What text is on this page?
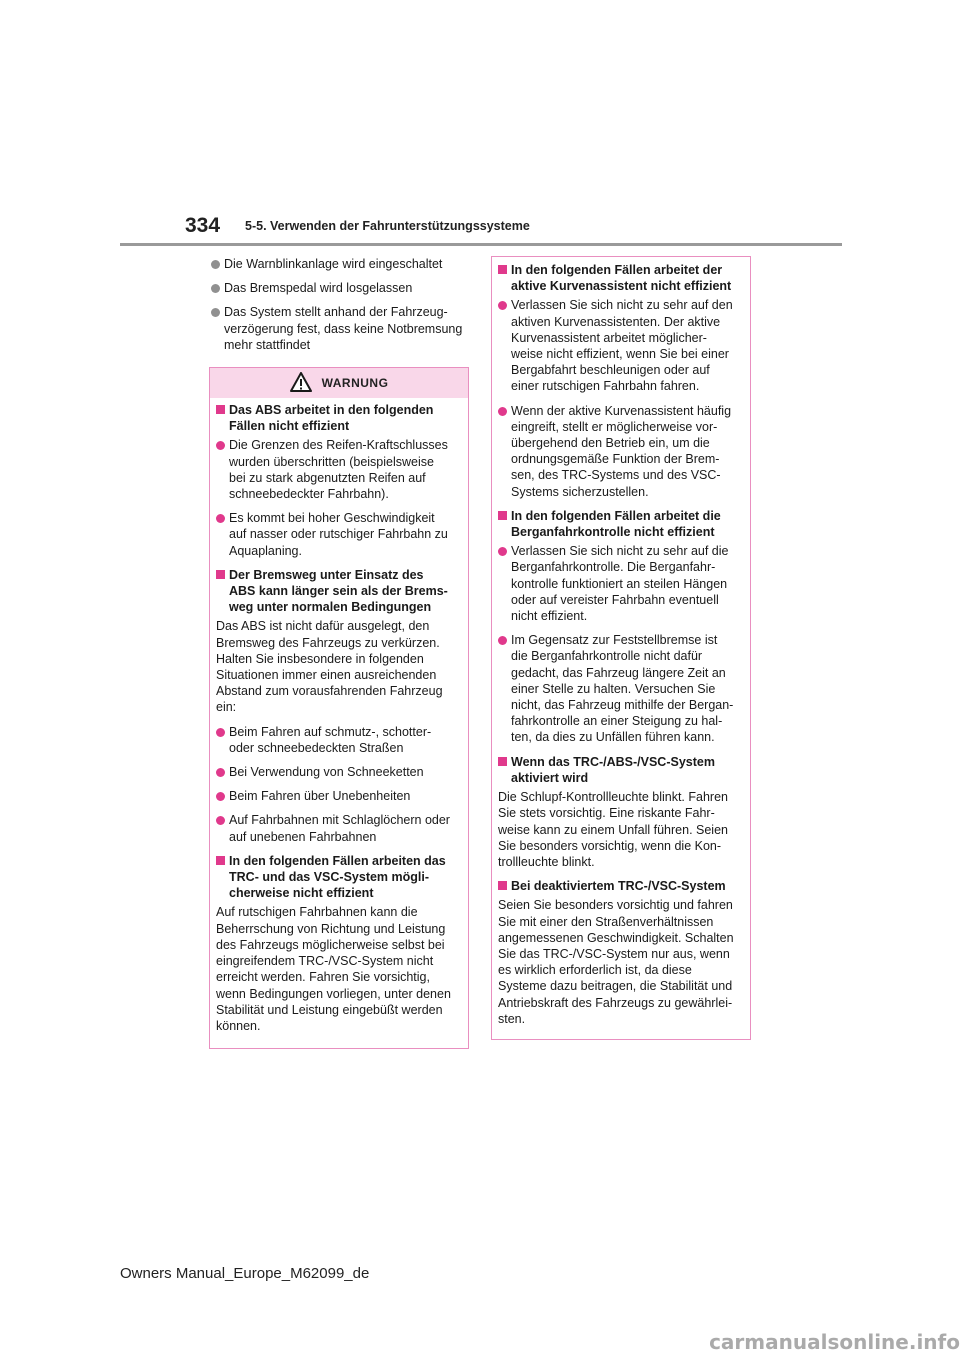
334 5-5. Verwenden der Fahrunterstützungssysteme
Die Warnblinkanlage wird eingeschaltet
Das Bremspedal wird losgelassen
Das System stellt anhand der Fahrzeug-
verzögerung fest, dass keine Notbremsung
mehr stattfindet
WARNUNG
Das ABS arbeitet in den folgenden
Fällen nicht effizient
Die Grenzen des Reifen-Kraftschlusses
wurden überschritten (beispielsweise
bei zu stark abgenutzten Reifen auf
schneebedeckter Fahrbahn).
Es kommt bei hoher Geschwindigkeit
auf nasser oder rutschiger Fahrbahn zu
Aquaplaning.
Der Bremsweg unter Einsatz des
ABS kann länger sein als der Brems-
weg unter normalen Bedingungen
Das ABS ist nicht dafür ausgelegt, den
Bremsweg des Fahrzeugs zu verkürzen.
Halten Sie insbesondere in folgenden
Situationen immer einen ausreichenden
Abstand zum vorausfahrenden Fahrzeug
ein:
Beim Fahren auf schmutz-, schotter-
oder schneebedeckten Straßen
Bei Verwendung von Schneeketten
Beim Fahren über Unebenheiten
Auf Fahrbahnen mit Schlaglöchern oder
auf unebenen Fahrbahnen
In den folgenden Fällen arbeiten das
TRC- und das VSC-System mögli-
cherweise nicht effizient
Auf rutschigen Fahrbahnen kann die
Beherrschung von Richtung und Leistung
des Fahrzeugs möglicherweise selbst bei
eingreifendem TRC-/VSC-System nicht
erreicht werden. Fahren Sie vorsichtig,
wenn Bedingungen vorliegen, unter denen
Stabilität und Leistung eingebüßt werden
können.
In den folgenden Fällen arbeitet der
aktive Kurvenassistent nicht effizient
Verlassen Sie sich nicht zu sehr auf den
aktiven Kurvenassistenten. Der aktive
Kurvenassistent arbeitet möglicher-
weise nicht effizient, wenn Sie bei einer
Bergabfahrt beschleunigen oder auf
einer rutschigen Fahrbahn fahren.
Wenn der aktive Kurvenassistent häufig
eingreift, stellt er möglicherweise vor-
übergehend den Betrieb ein, um die
ordnungsgemäße Funktion der Brem-
sen, des TRC-Systems und des VSC-
Systems sicherzustellen.
In den folgenden Fällen arbeitet die
Berganfahrkontrolle nicht effizient
Verlassen Sie sich nicht zu sehr auf die
Berganfahrkontrolle. Die Berganfahr-
kontrolle funktioniert an steilen Hängen
oder auf vereister Fahrbahn eventuell
nicht effizient.
Im Gegensatz zur Feststellbremse ist
die Berganfahrkontrolle nicht dafür
gedacht, das Fahrzeug längere Zeit an
einer Stelle zu halten. Versuchen Sie
nicht, das Fahrzeug mithilfe der Bergan-
fahrkontrolle an einer Steigung zu hal-
ten, da dies zu Unfällen führen kann.
Wenn das TRC-/ABS-/VSC-System
aktiviert wird
Die Schlupf-Kontrollleuchte blinkt. Fahren
Sie stets vorsichtig. Eine riskante Fahr-
weise kann zu einem Unfall führen. Seien
Sie besonders vorsichtig, wenn die Kon-
trollleuchte blinkt.
Bei deaktiviertem TRC-/VSC-System
Seien Sie besonders vorsichtig und fahren
Sie mit einer den Straßenverhältnissen
angemessenen Geschwindigkeit. Schalten
Sie das TRC-/VSC-System nur aus, wenn
es wirklich erforderlich ist, da diese
Systeme dazu beitragen, die Stabilität und
Antriebskraft des Fahrzeugs zu gewährlei-
sten.
Owners Manual_Europe_M62099_de
carmanualsonline.info
